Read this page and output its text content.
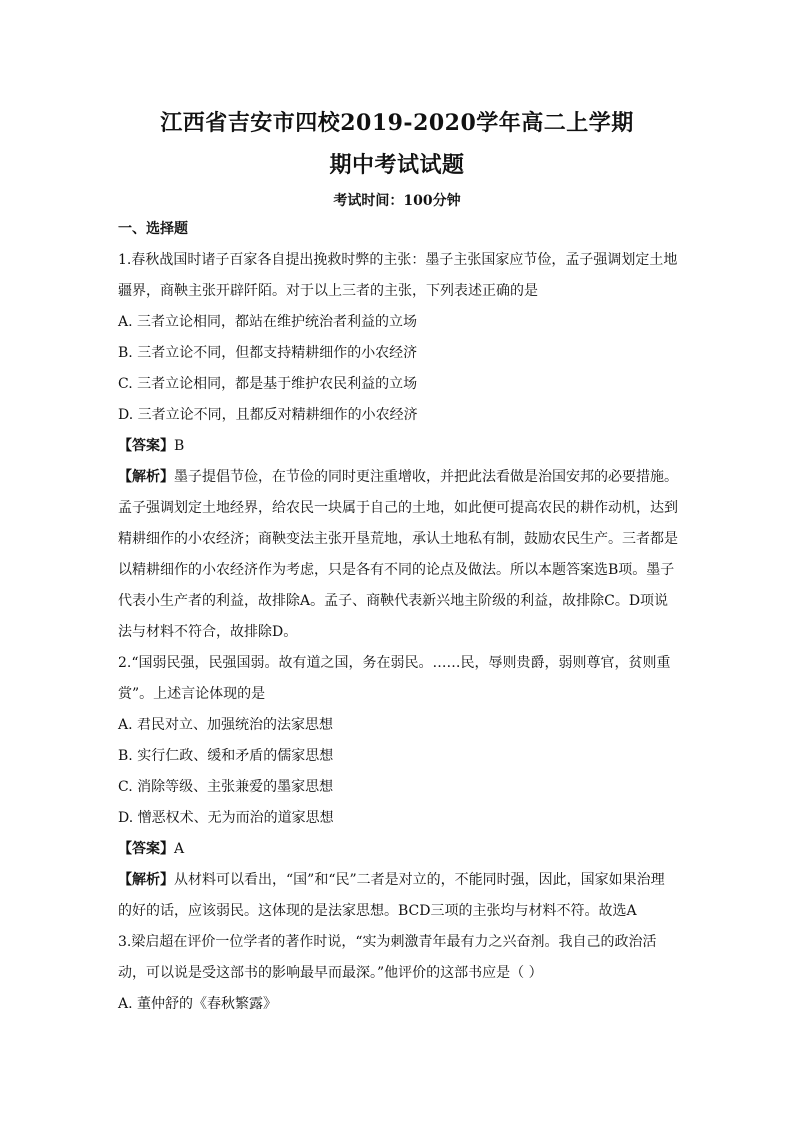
江西省吉安市四校2019-2020学年高二上学期
期中考试试题
考试时间：100分钟
一、选择题

1.春秋战国时诸子百家各自提出挽救时弊的主张：墨子主张国家应节俭，孟子强调划定土地疆界，商鞅主张开辟阡陌。对于以上三者的主张，下列表述正确的是

A. 三者立论相同，都站在维护统治者利益的立场

B. 三者立论不同，但都支持精耕细作的小农经济

C. 三者立论相同，都是基于维护农民利益的立场

D. 三者立论不同，且都反对精耕细作的小农经济

【答案】B

【解析】墨子提倡节俭，在节俭的同时更注重增收，并把此法看做是治国安邦的必要措施。孟子强调划定土地经界，给农民一块属于自己的土地，如此便可提高农民的耕作动机，达到精耕细作的小农经济；商鞅变法主张开垦荒地，承认土地私有制，鼓励农民生产。三者都是以精耕细作的小农经济作为考虑，只是各有不同的论点及做法。所以本题答案选B项。墨子代表小生产者的利益，故排除A。孟子、商鞅代表新兴地主阶级的利益，故排除C。D项说法与材料不符合，故排除D。

2.“国弱民强，民强国弱。故有道之国，务在弱民。……民，辱则贵爵，弱则尊官，贫则重赏”。上述言论体现的是

A. 君民对立、加强统治的法家思想

B. 实行仁政、缓和矛盾的儒家思想

C. 消除等级、主张兼爱的墨家思想

D. 憎恶权术、无为而治的道家思想

【答案】A

【解析】从材料可以看出，“国”和“民”二者是对立的，不能同时强，因此，国家如果治理的好的话，应该弱民。这体现的是法家思想。BCD三项的主张均与材料不符。故选A

3.梁启超在评价一位学者的著作时说，“实为刺激青年最有力之兴奋剂。我自己的政治活动，可以说是受这部书的影响最早而最深。”他评价的这部书应是（ ）

A. 董仲舒的《春秋繁露》
